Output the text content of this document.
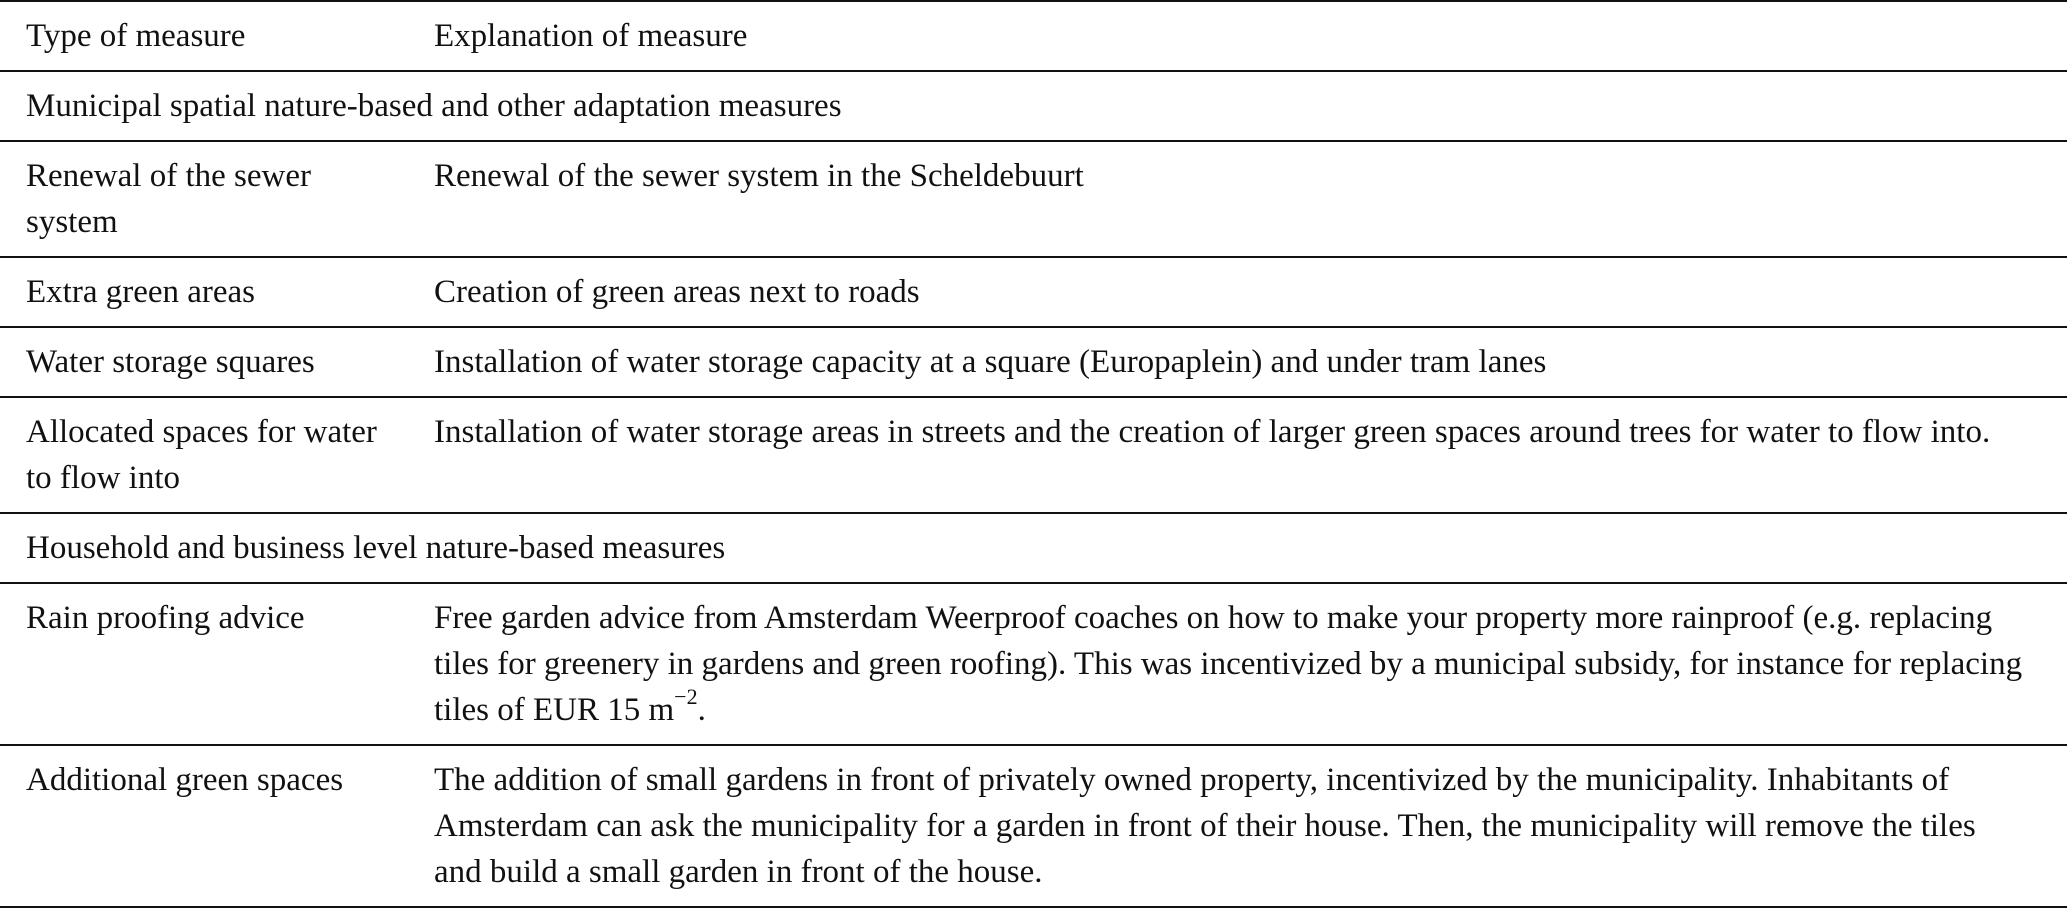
Type of measure	Explanation of measure
Municipal spatial nature-based and other adaptation measures	
Renewal of the sewer system	Renewal of the sewer system in the Scheldebuurt
Extra green areas	Creation of green areas next to roads
Water storage squares	Installation of water storage capacity at a square (Europaplein) and under tram lanes
Allocated spaces for water to flow into	Installation of water storage areas in streets and the creation of larger green spaces around trees for water to flow into.
Household and business level nature-based measures	
Rain proofing advice	Free garden advice from Amsterdam Weerproof coaches on how to make your property more rainproof (e.g. replacing tiles for greenery in gardens and green roofing). This was incentivized by a municipal subsidy, for instance for replacing tiles of EUR 15 $m^{-2}$.
Additional green spaces	The addition of small gardens in front of privately owned property, incentivized by the municipality. Inhabitants of Amsterdam can ask the municipality for a garden in front of their house. Then, the municipality will remove the tiles and build a small garden in front of the house.
